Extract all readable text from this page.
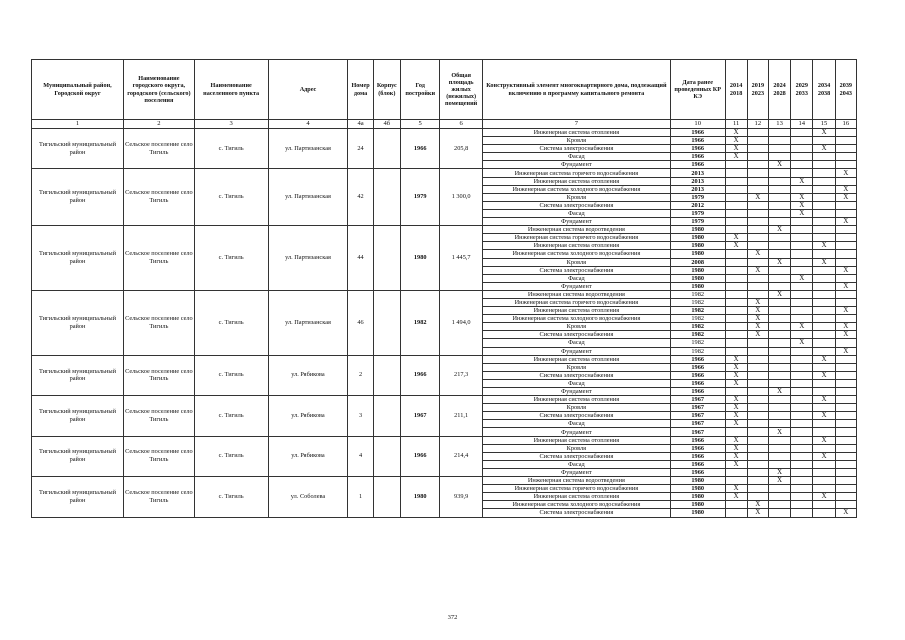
Муниципальный район, Городской округ	Наименование городского округа, городского (сельского) поселения	Наименование населенного пункта	Адрес	Номер дома	Корпус (блок)	Год постройки	Общая площадь жилых (нежилых) помещений	Конструктивный элемент многоквартирного дома, подлежащий включению в программу капитального ремонта	Дата ранее проведенных КР КЭ	2014 2018	2019 2023	2024 2028	2029 2033	2034 2038	2039 2043
1	2	3	4	4а	4б	5	6	7	10	11	12	13	14	15	16
Тигильский муниципальный район	Сельское поселение село Тигиль	с. Тигиль	ул. Партизанская	24		1966	205,8	Инженерная система отопления	1966	X				X	
								Кровля	1966	X					
								Система электроснабжения	1966	X				X	
								Фасад	1966	X					
								Фундамент	1966			X			
Тигильский муниципальный район	Сельское поселение село Тигиль	с. Тигиль	ул. Партизанская	42		1979	1 300,0	Инженерная система горячего водоснабжения	2013						X
								Инженерная система отопления	2013				X		
								Инженерная система холодного водоснабжения	2013						X
								Кровля	1979		X		X		X
								Система электроснабжения	2012				X		
								Фасад	1979				X		
								Фундамент	1979						X
Тигильский муниципальный район	Сельское поселение село Тигиль	с. Тигиль	ул. Партизанская	44		1980	1 445,7	Инженерная система водоотведения	1980			X			
								Инженерная система горячего водоснабжения	1980	X					
								Инженерная система отопления	1980	X				X	
								Инженерная система холодного водоснабжения	1980		X				
								Кровля	2008			X		X	
								Система электроснабжения	1980		X				X
								Фасад	1980				X		
								Фундамент	1980						X
Тигильский муниципальный район	Сельское поселение село Тигиль	с. Тигиль	ул. Партизанская	46		1982	1 494,0	Инженерная система водоотведения	1982			X			
								Инженерная система горячего водоснабжения	1982		X				
								Инженерная система отопления	1982		X				X
								Инженерная система холодного водоснабжения	1982		X				
								Кровля	1982		X		X		X
								Система электроснабжения	1982		X				X
								Фасад	1982				X		
								Фундамент	1982						X
Тигильский муниципальный район	Сельское поселение село Тигиль	с. Тигиль	ул. Рябикова	2		1966	217,3	Инженерная система отопления	1966	X				X	
								Кровля	1966	X					
								Система электроснабжения	1966	X				X	
								Фасад	1966	X					
								Фундамент	1966			X			
Тигильский муниципальный район	Сельское поселение село Тигиль	с. Тигиль	ул. Рябикова	3		1967	211,1	Инженерная система отопления	1967	X				X	
								Кровля	1967	X					
								Система электроснабжения	1967	X				X	
								Фасад	1967	X					
								Фундамент	1967			X			
Тигильский муниципальный район	Сельское поселение село Тигиль	с. Тигиль	ул. Рябикова	4		1966	214,4	Инженерная система отопления	1966	X				X	
								Кровля	1966	X					
								Система электроснабжения	1966	X				X	
								Фасад	1966	X					
								Фундамент	1966			X			
Тигильский муниципальный район	Сельское поселение село Тигиль	с. Тигиль	ул. Соболева	1		1980	939,9	Инженерная система водоотведения	1980			X			
								Инженерная система горячего водоснабжения	1980	X					
								Инженерная система отопления	1980	X				X	
								Инженерная система холодного водоснабжения	1980		X				
								Система электроснабжения	1980		X				X
372
